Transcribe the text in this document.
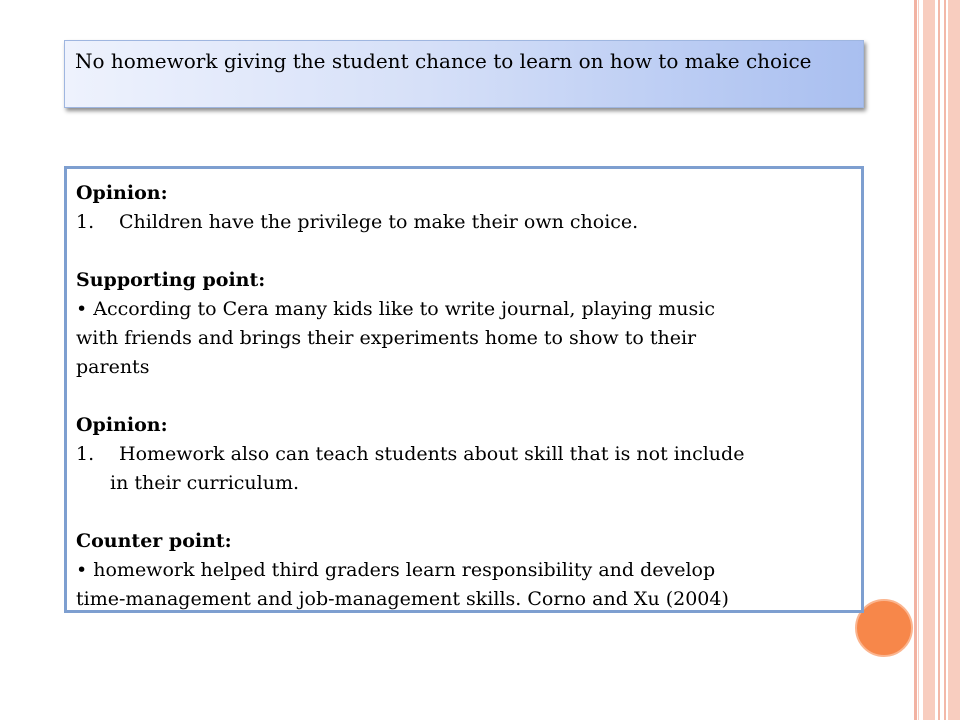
No homework giving the student chance to learn on how to make choice
Opinion:
1.	Children have the privilege to make their own choice.
Supporting point:
• According to Cera many kids like to write journal, playing music
with friends and brings their experiments home to show to their
parents
Opinion:
1.	Homework also can teach students about skill that is not include
in their curriculum.
Counter point:
• homework helped third graders learn responsibility and develop
time-management and job-management skills. Corno and Xu (2004)
